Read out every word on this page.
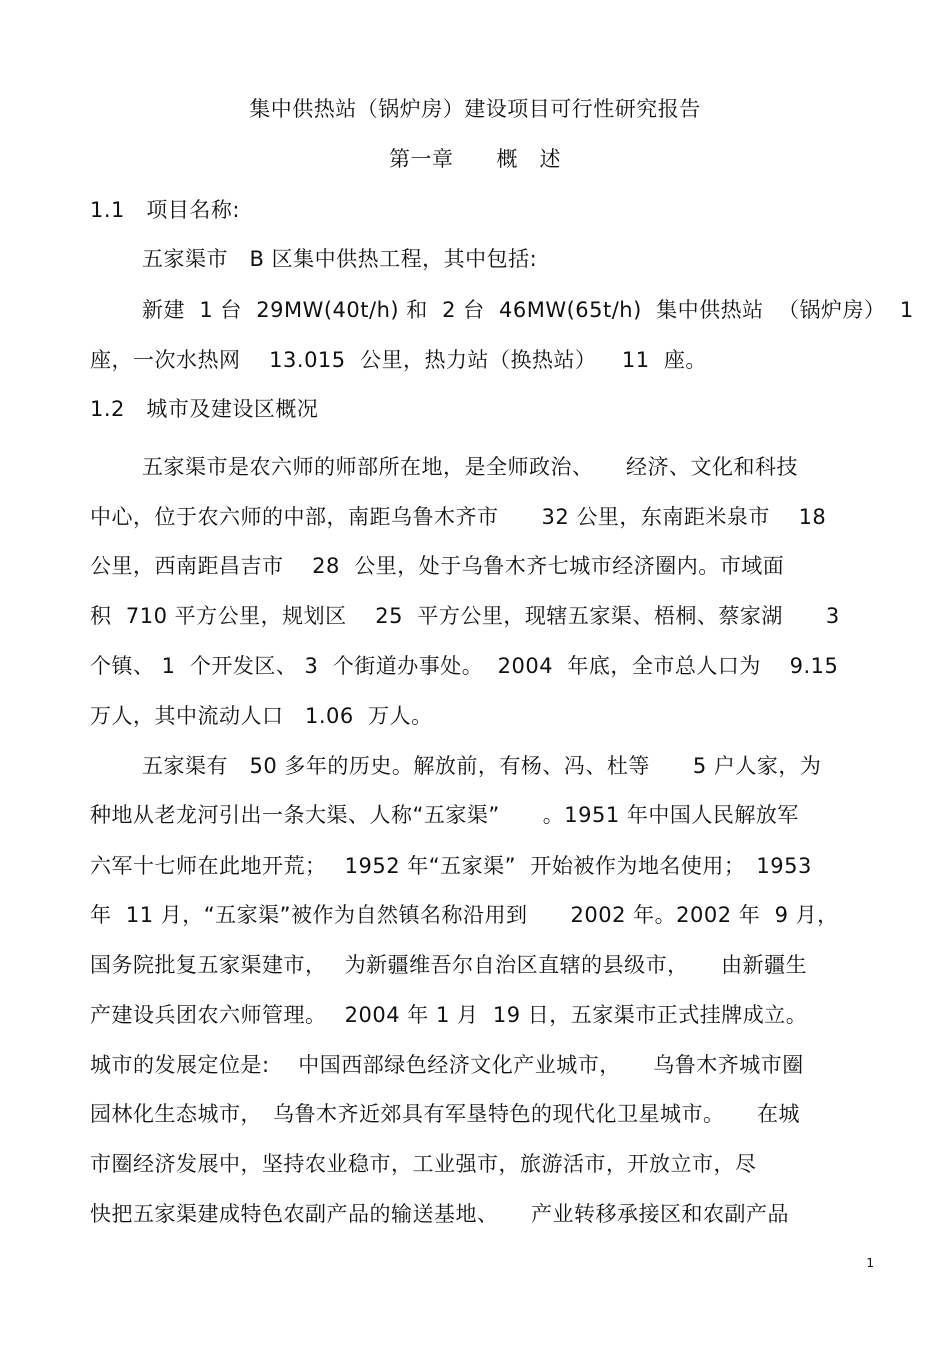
集中供热站（锅炉房）建设项目可行性研究报告
第一章　　概　述
1.1　项目名称:
五家渠市　B 区集中供热工程，其中包括:
新建  1 台  29MW(40t/h) 和  2 台  46MW(65t/h)  集中供热站  （锅炉房）  1
座，一次水热网　 13.015  公里，热力站（换热站）　  11  座。
1.2　城市及建设区概况
五家渠市是农六师的师部所在地，是全师政治、　　经济、文化和科技
中心，位于农六师的中部，南距乌鲁木齐市　　32 公里，东南距米泉市　 18
公里，西南距昌吉市　 28  公里，处于乌鲁木齐七城市经济圈内。市域面
积  710 平方公里，规划区　 25  平方公里，现辖五家渠、梧桐、蔡家湖　　3
个镇、 1  个开发区、 3  个街道办事处。  2004  年底，全市总人口为　 9.15
万人，其中流动人口　1.06  万人。
五家渠有　50 多年的历史。解放前，有杨、冯、杜等　　5 户人家，为
种地从老龙河引出一条大渠、人称“五家渠”　　。1951 年中国人民解放军
六军十七师在此地开荒；　 1952 年“五家渠”  开始被作为地名使用；　1953
年  11 月，“五家渠”被作为自然镇名称沿用到　　2002 年。2002 年  9 月，
国务院批复五家渠建市，　 为新疆维吾尔自治区直辖的县级市，　　由新疆生
产建设兵团农六师管理。　 2004 年 1 月  19 日，五家渠市正式挂牌成立。
城市的发展定位是:　 中国西部绿色经济文化产业城市，　　乌鲁木齐城市圈
园林化生态城市，　乌鲁木齐近郊具有军垦特色的现代化卫星城市。　　在城
市圈经济发展中，坚持农业稳市，工业强市，旅游活市，开放立市，尽
快把五家渠建成特色农副产品的输送基地、　　产业转移承接区和农副产品
1
